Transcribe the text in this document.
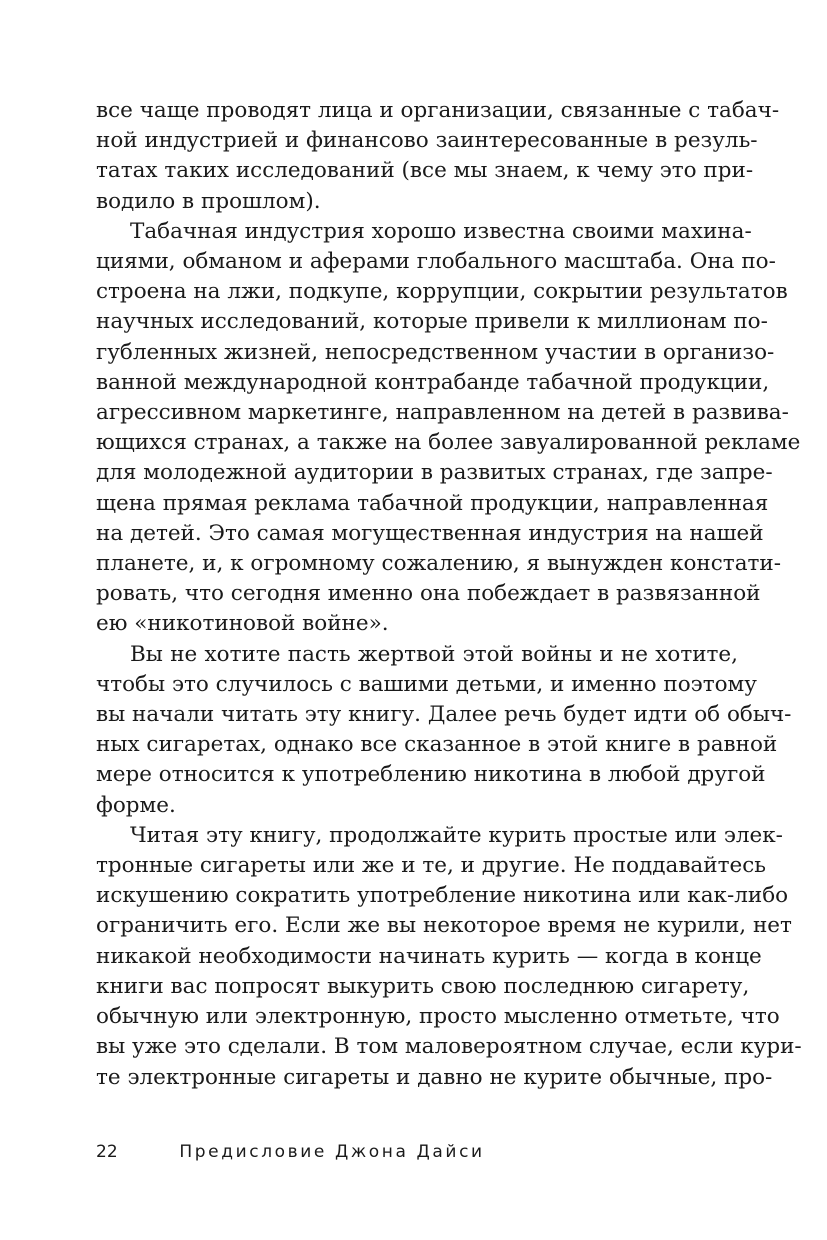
все чаще проводят лица и организации, связанные с табач-
ной индустрией и финансово заинтересованные в резуль-
татах таких исследований (все мы знаем, к чему это при-
водило в прошлом).

Табачная индустрия хорошо известна своими махина-
циями, обманом и аферами глобального масштаба. Она по-
строена на лжи, подкупе, коррупции, сокрытии результатов
научных исследований, которые привели к миллионам по-
губленных жизней, непосредственном участии в организо-
ванной международной контрабанде табачной продукции,
агрессивном маркетинге, направленном на детей в развива-
ющихся странах, а также на более завуалированной рекламе
для молодежной аудитории в развитых странах, где запре-
щена прямая реклама табачной продукции, направленная
на детей. Это самая могущественная индустрия на нашей
планете, и, к огромному сожалению, я вынужден констати-
ровать, что сегодня именно она побеждает в развязанной
ею «никотиновой войне».

Вы не хотите пасть жертвой этой войны и не хотите,
чтобы это случилось с вашими детьми, и именно поэтому
вы начали читать эту книгу. Далее речь будет идти об обыч-
ных сигаретах, однако все сказанное в этой книге в равной
мере относится к употреблению никотина в любой другой
форме.

Читая эту книгу, продолжайте курить простые или элек-
тронные сигареты или же и те, и другие. Не поддавайтесь
искушению сократить употребление никотина или как-либо
ограничить его. Если же вы некоторое время не курили, нет
никакой необходимости начинать курить — когда в конце
книги вас попросят выкурить свою последнюю сигарету,
обычную или электронную, просто мысленно отметьте, что
вы уже это сделали. В том маловероятном случае, если кури-
те электронные сигареты и давно не курите обычные, про-

22	Предисловие Джона Дайси
